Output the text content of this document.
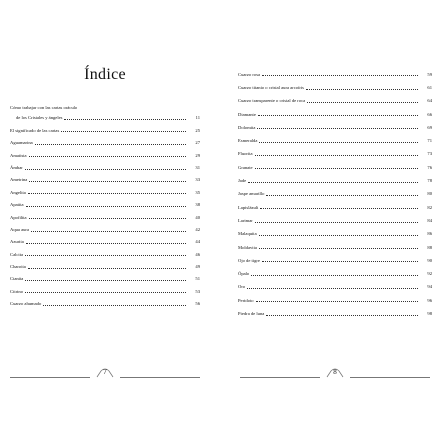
Índice
Cómo trabajar con las cartas oráculo
de los Cristales y ángeles	11
El significado de las cartas	25
Aguamarina	27
Amatista	29
Ámbar	31
Ametrina	33
Angelita	35
Apatita	38
Apofilita	40
Aqua aura	42
Azurita	44
Calcita	46
Charoita	49
Cianita	51
Citrino	53
Cuarzo ahumado	56
Cuarzo rosa	59
Cuarzo titanio o cristal aura arcoíris	61
Cuarzo transparente o cristal de roca	64
Diamante	66
Dolomita	69
Esmeralda	71
Fluorita	73
Granate	76
Jade	78
Jaspe amarillo	80
Lapislázuli	82
Larimar	84
Malaquita	86
Moldavita	88
Ojo de tigre	90
Ópalo	92
Oro	94
Peridoto	96
Piedra de luna	98
7	8
